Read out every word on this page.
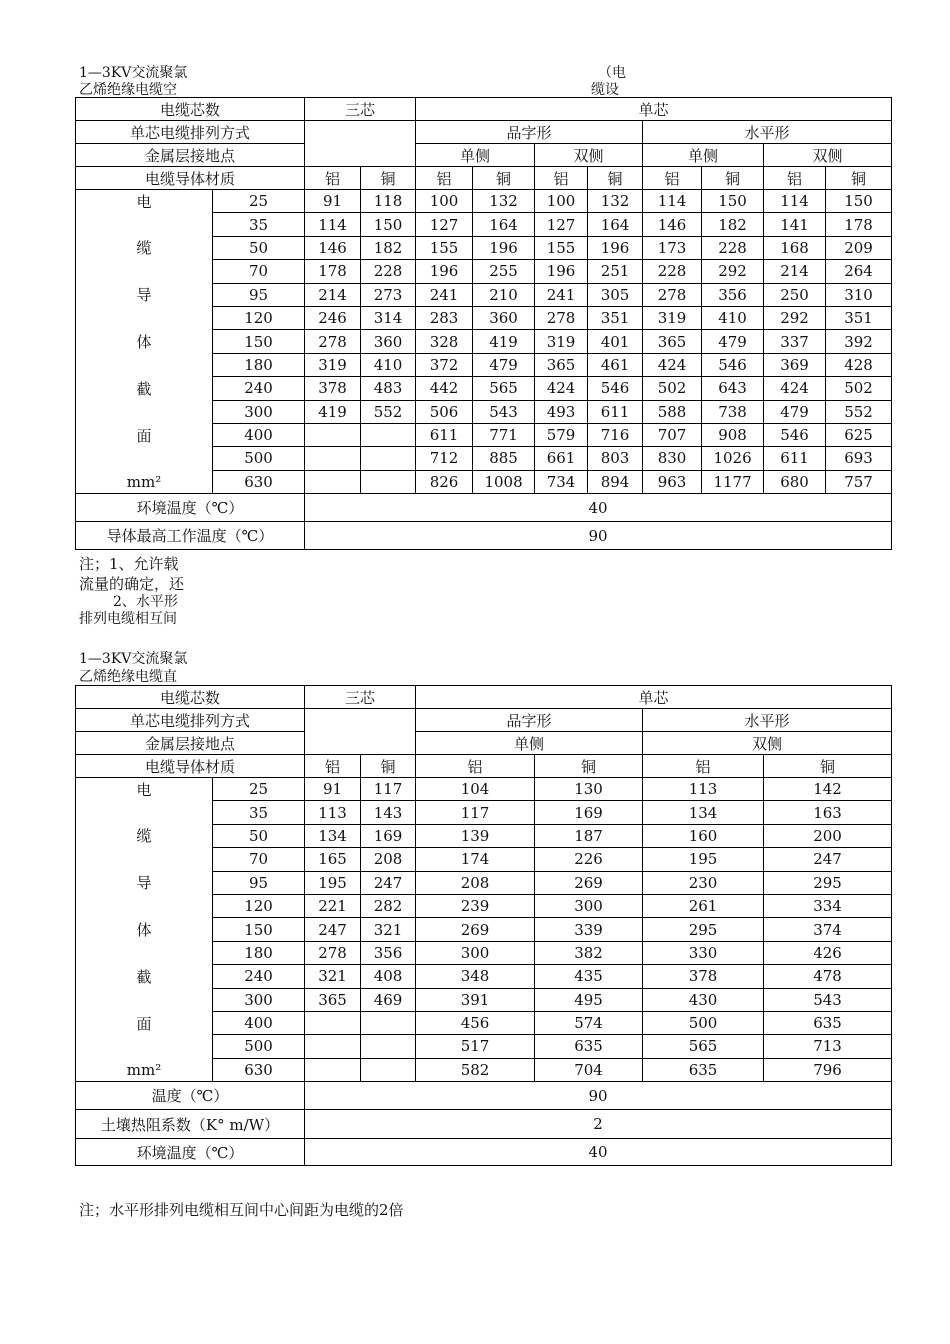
1—3KV交流聚氯
乙烯绝缘电缆空
（电
缆设
电缆芯数		三芯		单芯							
单芯电缆排列方式				品字形				水平形			
金属层接地点				单侧		双侧		单侧		双侧	
电缆导体材质		铝	铜	铝	铜	铝	铜	铝	铜	铝	铜
电	25	91	118	100	132	100	132	114	150	114	150
	35	114	150	127	164	127	164	146	182	141	178
缆	50	146	182	155	196	155	196	173	228	168	209
	70	178	228	196	255	196	251	228	292	214	264
导	95	214	273	241	210	241	305	278	356	250	310
	120	246	314	283	360	278	351	319	410	292	351
体	150	278	360	328	419	319	401	365	479	337	392
	180	319	410	372	479	365	461	424	546	369	428
截	240	378	483	442	565	424	546	502	643	424	502
	300	419	552	506	543	493	611	588	738	479	552
面	400			611	771	579	716	707	908	546	625
	500			712	885	661	803	830	1026	611	693
mm²	630			826	1008	734	894	963	1177	680	757
环境温度（℃）		40									
导体最高工作温度（℃）		90									
注；1、允许载
流量的确定，还
　2、水平形
排列电缆相互间
1—3KV交流聚氯
乙烯绝缘电缆直
电缆芯数		三芯		单芯			
单芯电缆排列方式				品字形		水平形	
金属层接地点				单侧		双侧	
电缆导体材质		铝	铜	铝	铜	铝	铜
电	25	91	117	104	130	113	142
	35	113	143	117	169	134	163
缆	50	134	169	139	187	160	200
	70	165	208	174	226	195	247
导	95	195	247	208	269	230	295
	120	221	282	239	300	261	334
体	150	247	321	269	339	295	374
	180	278	356	300	382	330	426
截	240	321	408	348	435	378	478
	300	365	469	391	495	430	543
面	400			456	574	500	635
	500			517	635	565	713
mm²	630			582	704	635	796
温度（℃）		90					
土壤热阻系数（K° m/W）		2					
环境温度（℃）		40					
注；水平形排列电缆相互间中心间距为电缆的2倍
